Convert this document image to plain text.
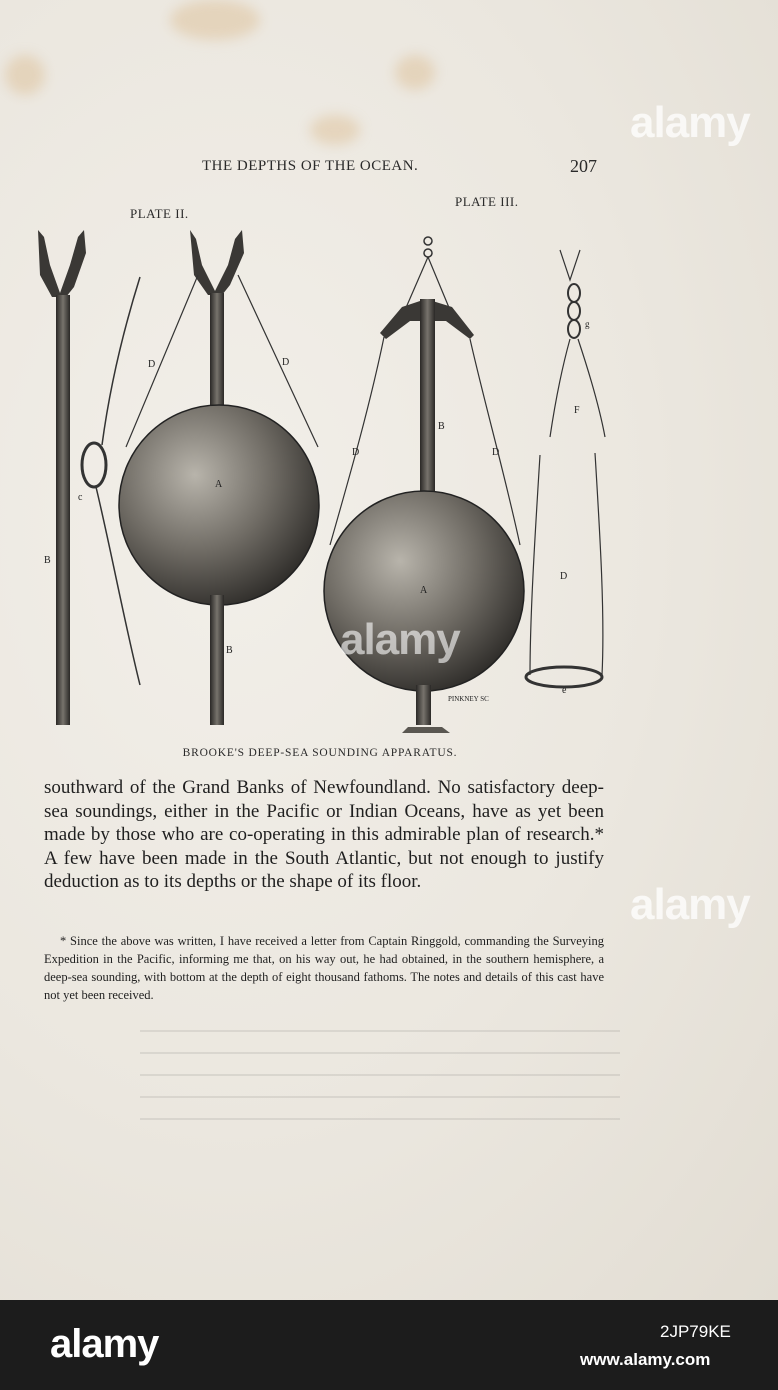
THE DEPTHS OF THE OCEAN.	207
PLATE II.
PLATE III.
c
B
D	D
A
B
D	D
B
A
PINKNEY SC
g
F
D
e
BROOKE'S DEEP-SEA SOUNDING APPARATUS.

southward of the Grand Banks of Newfoundland. No satisfactory deep-sea soundings, either in the Pacific or Indian Oceans, have as yet been made by those who are co-operating in this admirable plan of research.* A few have been made in the South Atlantic, but not enough to justify deduction as to its depths or the shape of its floor.

* Since the above was written, I have received a letter from Captain Ringgold, commanding the Surveying Expedition in the Pacific, informing me that, on his way out, he had obtained, in the southern hemisphere, a deep-sea sounding, with bottom at the depth of eight thousand fathoms. The notes and details of this cast have not yet been received.
alamy
alamy
alamy
alamy	2JP79KE
www.alamy.com
